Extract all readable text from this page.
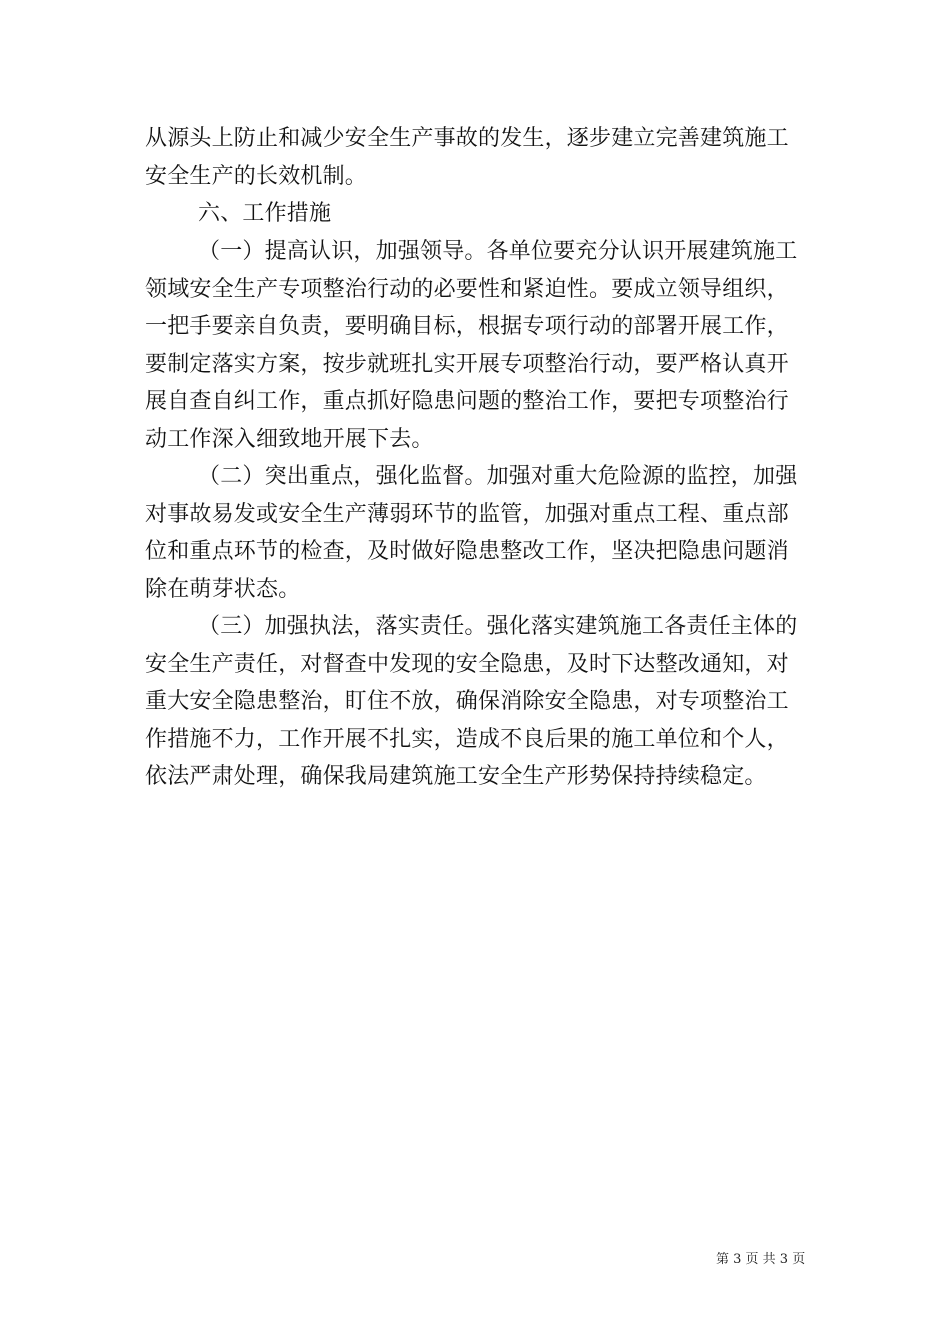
从源头上防止和减少安全生产事故的发生，逐步建立完善建筑施工
安全生产的长效机制。
六、工作措施
（一）提高认识，加强领导。各单位要充分认识开展建筑施工
领域安全生产专项整治行动的必要性和紧迫性。要成立领导组织，
一把手要亲自负责，要明确目标，根据专项行动的部署开展工作，
要制定落实方案，按步就班扎实开展专项整治行动，要严格认真开
展自查自纠工作，重点抓好隐患问题的整治工作，要把专项整治行
动工作深入细致地开展下去。
（二）突出重点，强化监督。加强对重大危险源的监控，加强
对事故易发或安全生产薄弱环节的监管，加强对重点工程、重点部
位和重点环节的检查，及时做好隐患整改工作，坚决把隐患问题消
除在萌芽状态。
（三）加强执法，落实责任。强化落实建筑施工各责任主体的
安全生产责任，对督查中发现的安全隐患，及时下达整改通知，对
重大安全隐患整治，盯住不放，确保消除安全隐患，对专项整治工
作措施不力，工作开展不扎实，造成不良后果的施工单位和个人，
依法严肃处理，确保我局建筑施工安全生产形势保持持续稳定。
第 3 页 共 3 页
